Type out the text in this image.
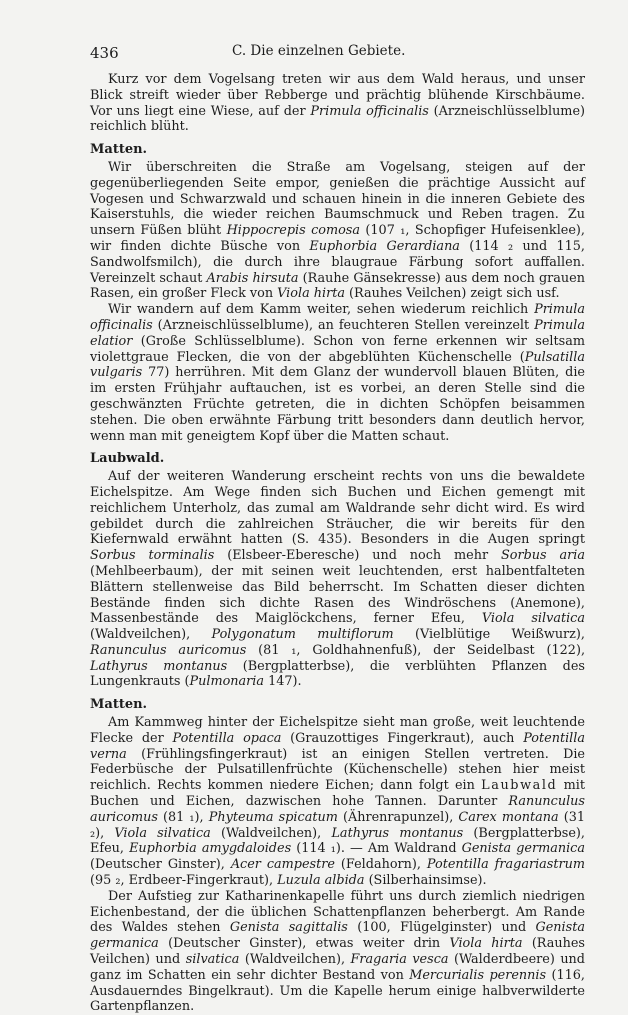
436	C. Die einzelnen Gebiete.

Kurz vor dem Vogelsang treten wir aus dem Wald heraus, und unser Blick streift wieder über Rebberge und prächtig blühende Kirschbäume. Vor uns liegt eine Wiese, auf der Primula officinalis (Arzneischlüsselblume) reichlich blüht.

Matten.

Wir überschreiten die Straße am Vogelsang, steigen auf der gegenüberliegenden Seite empor, genießen die prächtige Aussicht auf Vogesen und Schwarzwald und schauen hinein in die inneren Gebiete des Kaiserstuhls, die wieder reichen Baumschmuck und Reben tragen. Zu unsern Füßen blüht Hippocrepis comosa (107 ₁, Schopfiger Hufeisenklee), wir finden dichte Büsche von Euphorbia Gerardiana (114 ₂ und 115, Sandwolfsmilch), die durch ihre blaugraue Färbung sofort auffallen. Vereinzelt schaut Arabis hirsuta (Rauhe Gänsekresse) aus dem noch grauen Rasen, ein großer Fleck von Viola hirta (Rauhes Veilchen) zeigt sich usf.

Wir wandern auf dem Kamm weiter, sehen wiederum reichlich Primula officinalis (Arzneischlüsselblume), an feuchteren Stellen vereinzelt Primula elatior (Große Schlüsselblume). Schon von ferne erkennen wir seltsam violettgraue Flecken, die von der abgeblühten Küchenschelle (Pulsatilla vulgaris 77) herrühren. Mit dem Glanz der wundervoll blauen Blüten, die im ersten Frühjahr auftauchen, ist es vorbei, an deren Stelle sind die geschwänzten Früchte getreten, die in dichten Schöpfen beisammen stehen. Die oben erwähnte Färbung tritt besonders dann deutlich hervor, wenn man mit geneigtem Kopf über die Matten schaut.

Laubwald.

Auf der weiteren Wanderung erscheint rechts von uns die bewaldete Eichelspitze. Am Wege finden sich Buchen und Eichen gemengt mit reichlichem Unterholz, das zumal am Waldrande sehr dicht wird. Es wird gebildet durch die zahlreichen Sträucher, die wir bereits für den Kiefernwald erwähnt hatten (S. 435). Besonders in die Augen springt Sorbus torminalis (Elsbeer-Eberesche) und noch mehr Sorbus aria (Mehlbeerbaum), der mit seinen weit leuchtenden, erst halbentfalteten Blättern stellenweise das Bild beherrscht. Im Schatten dieser dichten Bestände finden sich dichte Rasen des Windröschens (Anemone), Massenbestände des Maiglöckchens, ferner Efeu, Viola silvatica (Waldveilchen), Polygonatum multiflorum (Vielblütige Weißwurz), Ranunculus auricomus (81 ₁, Goldhahnenfuß), der Seidelbast (122), Lathyrus montanus (Bergplatterbse), die verblühten Pflanzen des Lungenkrauts (Pulmonaria 147).

Matten.

Am Kammweg hinter der Eichelspitze sieht man große, weit leuchtende Flecke der Potentilla opaca (Grauzottiges Fingerkraut), auch Potentilla verna (Frühlingsfingerkraut) ist an einigen Stellen vertreten. Die Federbüsche der Pulsatillenfrüchte (Küchenschelle) stehen hier meist reichlich. Rechts kommen niedere Eichen; dann folgt ein Laubwald mit Buchen und Eichen, dazwischen hohe Tannen. Darunter Ranunculus auricomus (81 ₁), Phyteuma spicatum (Ährenrapunzel), Carex montana (31 ₂), Viola silvatica (Waldveilchen), Lathyrus montanus (Bergplatterbse), Efeu, Euphorbia amygdaloides (114 ₁). — Am Waldrand Genista germanica (Deutscher Ginster), Acer campestre (Feldahorn), Potentilla fragariastrum (95 ₂, Erdbeer-Fingerkraut), Luzula albida (Silberhainsimse).

Der Aufstieg zur Katharinenkapelle führt uns durch ziemlich niedrigen Eichenbestand, der die üblichen Schattenpflanzen beherbergt. Am Rande des Waldes stehen Genista sagittalis (100, Flügelginster) und Genista germanica (Deutscher Ginster), etwas weiter drin Viola hirta (Rauhes Veilchen) und silvatica (Waldveilchen), Fragaria vesca (Walderdbeere) und ganz im Schatten ein sehr dichter Bestand von Mercurialis perennis (116, Ausdauerndes Bingelkraut). Um die Kapelle herum einige halbverwilderte Gartenpflanzen.
